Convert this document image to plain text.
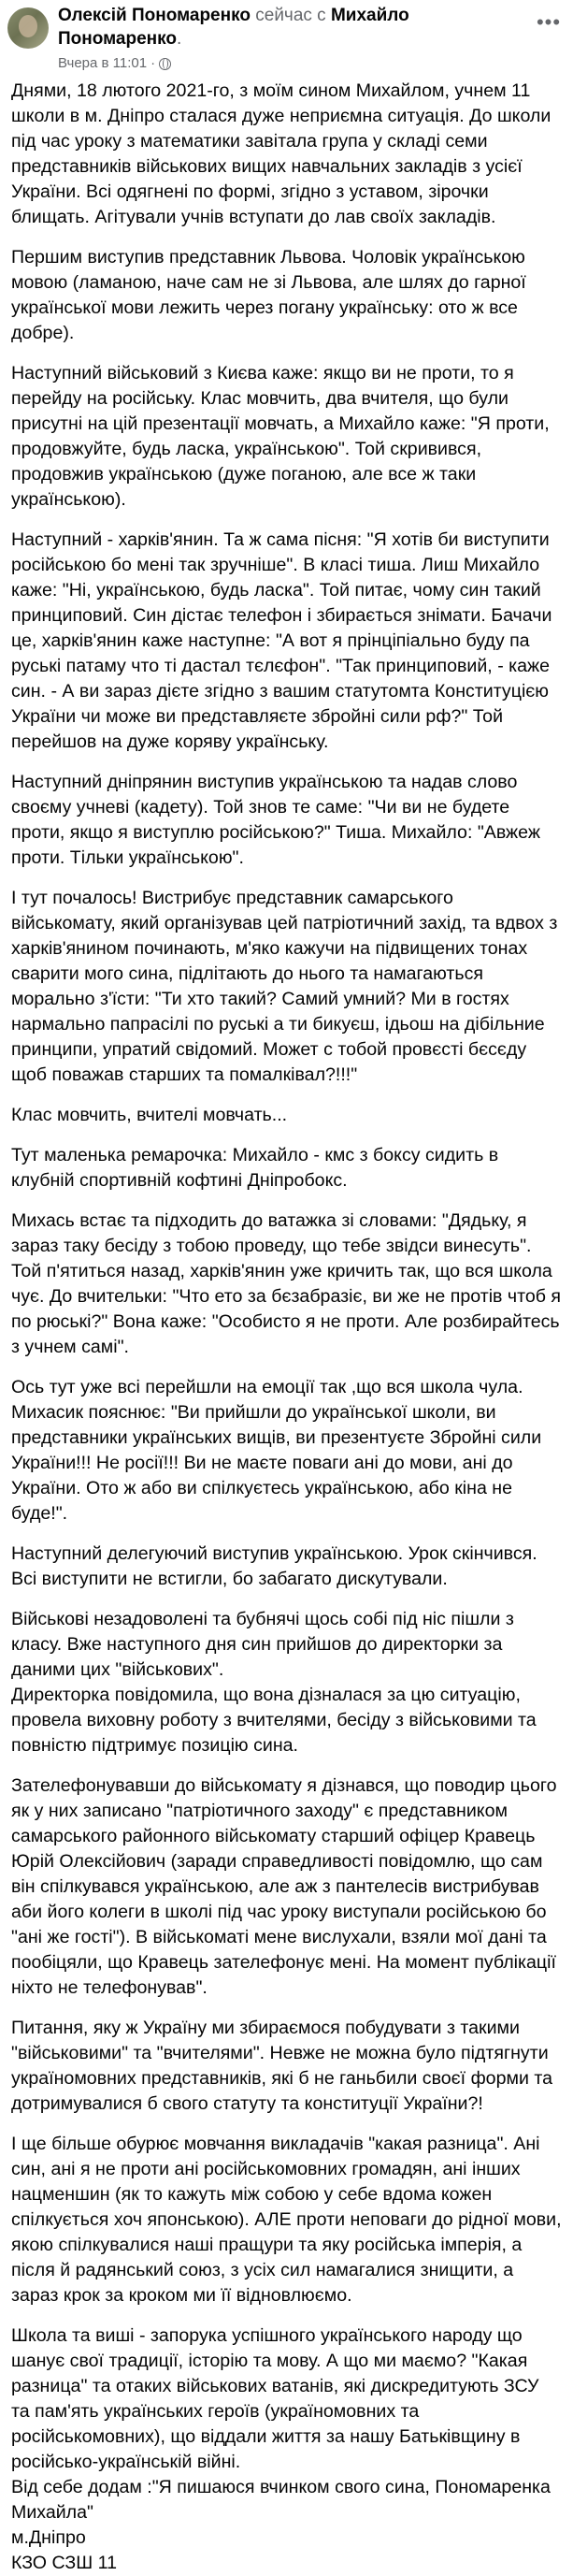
Олексій Пономаренко сейчас с Михайло Пономаренко.
Вчера в 11:01 ·
•••

Днями, 18 лютого 2021-го, з моїм сином Михайлом, учнем 11 школи в м. Дніпро сталася дуже неприємна ситуація. До школи під час уроку з математики завітала група у складі семи представників військових вищих навчальних закладів з усієї України. Всі одягнені по формі, згідно з уставом, зірочки блищать. Агітували учнів вступати до лав своїх закладів.

Першим виступив представник Львова. Чоловік українською мовою (ламаною, наче сам не зі Львова, але шлях до гарної української мови лежить через погану українську: ото ж все добре).

Наступний військовий з Києва каже: якщо ви не проти, то я перейду на російську. Клас мовчить, два вчителя, що були присутні на цій презентації мовчать, а Михайло каже: "Я проти, продовжуйте, будь ласка, українською". Той скривився, продовжив українською (дуже поганою, але все ж таки українською).

Наступний - харків'янин. Та ж сама пісня: "Я хотів би виступити російською бо мені так зручніше". В класі тиша. Лиш Михайло каже: "Ні, українською, будь ласка". Той питає, чому син такий принциповий. Син дістає телефон і збирається знімати. Бачачи це, харків'янин каже наступне: "А вот я прінціпіально буду па руські патаму что ті дастал тєлєфон". "Так принциповий, - каже син. - А ви зараз дієте згідно з вашим статутомта Конституцією України чи може ви представляєте збройні сили рф?" Той перейшов на дуже коряву українську.

Наступний дніпрянин виступив українською та надав слово своєму учневі (кадету). Той знов те саме: "Чи ви не будете проти, якщо я виступлю російською?" Тиша. Михайло: "Авжеж проти. Тільки українською".

І тут почалось! Вистрибує представник самарського військомату, який організував цей патріотичний захід, та вдвох з харків'янином починають, м'яко кажучи на підвищених тонах сварити мого сина, підлітають до нього та намагаються морально з'їсти: "Ти хто такий? Самий умний? Ми в гостях нармально папрасілі по руські а ти бикуєш, ідьош на дібільние принципи, упратий свідомий. Может с тобой провєсті бєсєду щоб поважав старших та помалківал?!!!"

Клас мовчить, вчителі мовчать...

Тут маленька ремарочка: Михайло - кмс з боксу сидить в клубній спортивній кофтині Дніпробокс.

Михась встає та підходить до ватажка зі словами: "Дядьку, я зараз таку бесіду з тобою проведу, що тебе звідси винесуть". Той п'ятиться назад, харків'янин уже кричить так, що вся школа чує. До вчительки: "Что ето за бєзабразіє, ви же не протів чтоб я по рюські?" Вона каже: "Особисто я не проти. Але розбирайтесь з учнем самі".

Ось тут уже всі перейшли на емоції так ,що вся школа чула. Михасик пояснює: "Ви прийшли до української школи, ви представники українських вищів, ви презентуєте Збройні сили України!!! Не росії!!! Ви не маєте поваги ані до мови, ані до України. Ото ж або ви спілкуєтесь українською, або кіна не буде!".

Наступний делегуючий виступив українською. Урок скінчився. Всі виступити не встигли, бо забагато дискутували.

Військові незадоволені та бубнячі щось собі під ніс пішли з класу. Вже наступного дня син прийшов до директорки за даними цих "військових".

Директорка повідомила, що вона дізналася за цю ситуацію, провела виховну роботу з вчителями, бесіду з військовими та повністю підтримує позицію сина.

Зателефонувавши до військомату я дізнався, що поводир цього як у них записано "патріотичного заходу" є представником самарського районного військомату старший офіцер Кравець Юрій Олексійович (заради справедливості повідомлю, що сам він спілкувався українською, але аж з пантелесів вистрибував аби його колеги в школі під час уроку виступали російською бо "ані же гості"). В військоматі мене вислухали, взяли мої дані та пообіцяли, що Кравець зателефонує мені. На момент публікації ніхто не телефонував".

Питання, яку ж Україну ми збираємося побудувати з такими "військовими" та "вчителями". Невже не можна було підтягнути україномовних представників, які б не ганьбили своєї форми та дотримувалися б свого статуту та конституції України?!

І ще більше обурює мовчання викладачів "какая разница". Ані син, ані я не проти ані російськомовних громадян, ані інших нацменшин (як то кажуть між собою у себе вдома кожен спілкується хоч японською). АЛЕ проти неповаги до рідної мови, якою спілкувалися наші пращури та яку російська імперія, а після й радянський союз, з усіх сил намагалися знищити, а зараз крок за кроком ми її відновлюємо.

Школа та виші - запорука успішного українського народу що шанує свої традиції, історію та мову. А що ми маємо? "Какая разница" та отаких військових ватанів, які дискредитують ЗСУ та пам'ять українських героїв (україномовних та російськомовних), що віддали життя за нашу Батьківщину в російсько-українській війні.

Від себе додам :"Я пишаюся вчинком свого сина, Пономаренка Михайла"

м.Дніпро

КЗО СЗШ 11
